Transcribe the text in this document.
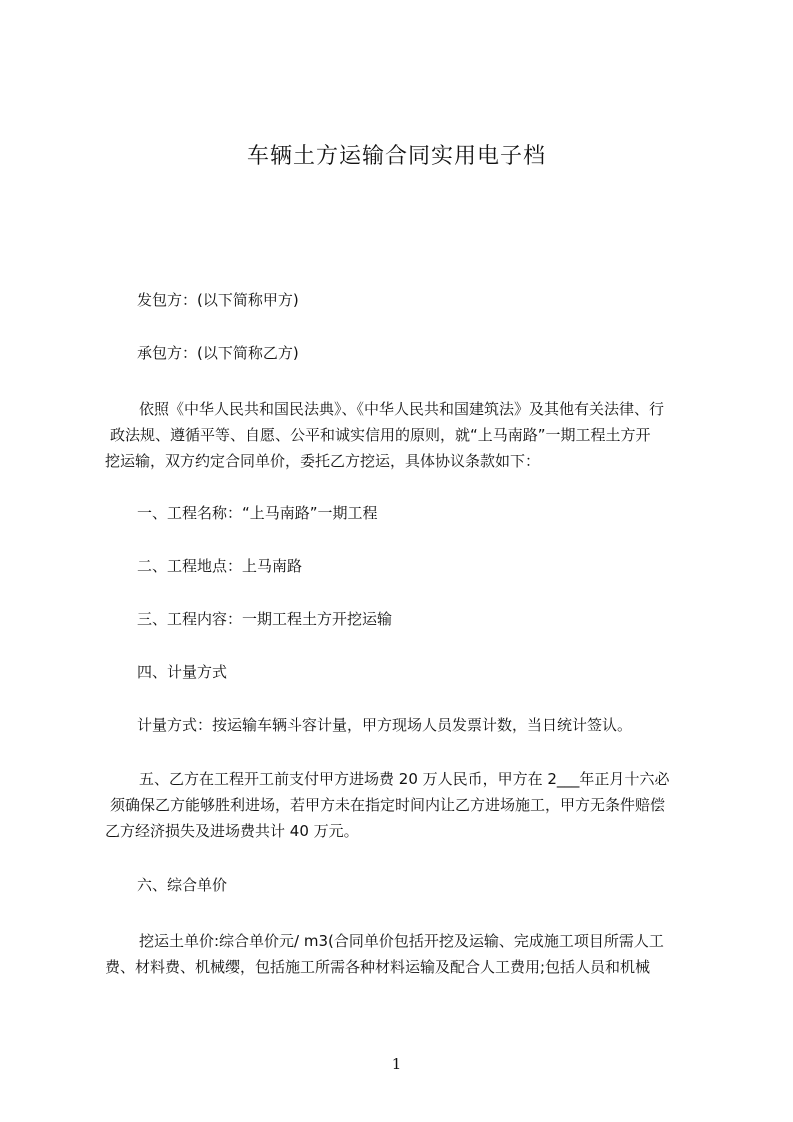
车辆土方运输合同实用电子档
发包方：(以下简称甲方)
承包方：(以下简称乙方)
依照《中华人民共和国民法典》、《中华人民共和国建筑法》及其他有关法律、行
政法规、遵循平等、自愿、公平和诚实信用的原则，就“上马南路”一期工程土方开
挖运输，双方约定合同单价，委托乙方挖运，具体协议条款如下：
一、工程名称：“上马南路”一期工程
二、工程地点：上马南路
三、工程内容：一期工程土方开挖运输
四、计量方式
计量方式：按运输车辆斗容计量，甲方现场人员发票计数，当日统计签认。
五、乙方在工程开工前支付甲方进场费 20 万人民币，甲方在 2___年正月十六必
须确保乙方能够胜利进场，若甲方未在指定时间内让乙方进场施工，甲方无条件赔偿
乙方经济损失及进场费共计 40 万元。
六、综合单价
挖运土单价:综合单价元/ m3(合同单价包括开挖及运输、完成施工项目所需人工
费、材料费、机械缨，包括施工所需各种材料运输及配合人工费用;包括人员和机械
1
